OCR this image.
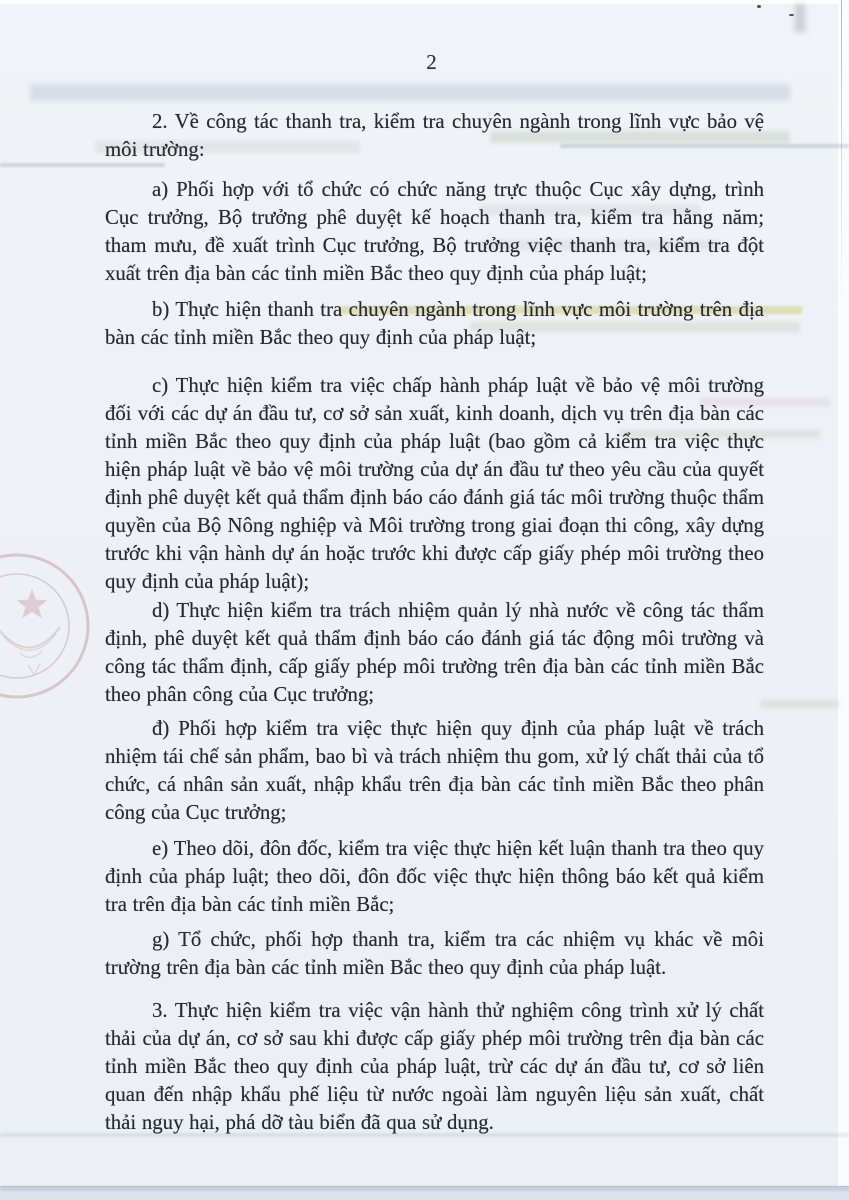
2

2. Về công tác thanh tra, kiểm tra chuyên ngành trong lĩnh vực bảo vệ môi trường:

a) Phối hợp với tổ chức có chức năng trực thuộc Cục xây dựng, trình Cục trưởng, Bộ trưởng phê duyệt kế hoạch thanh tra, kiểm tra hằng năm; tham mưu, đề xuất trình Cục trưởng, Bộ trưởng việc thanh tra, kiểm tra đột xuất trên địa bàn các tỉnh miền Bắc theo quy định của pháp luật;

b) Thực hiện thanh tra chuyên ngành trong lĩnh vực môi trường trên địa bàn các tỉnh miền Bắc theo quy định của pháp luật;

c) Thực hiện kiểm tra việc chấp hành pháp luật về bảo vệ môi trường đối với các dự án đầu tư, cơ sở sản xuất, kinh doanh, dịch vụ trên địa bàn các tỉnh miền Bắc theo quy định của pháp luật (bao gồm cả kiểm tra việc thực hiện pháp luật về bảo vệ môi trường của dự án đầu tư theo yêu cầu của quyết định phê duyệt kết quả thẩm định báo cáo đánh giá tác môi trường thuộc thẩm quyền của Bộ Nông nghiệp và Môi trường trong giai đoạn thi công, xây dựng trước khi vận hành dự án hoặc trước khi được cấp giấy phép môi trường theo quy định của pháp luật);

d) Thực hiện kiểm tra trách nhiệm quản lý nhà nước về công tác thẩm định, phê duyệt kết quả thẩm định báo cáo đánh giá tác động môi trường và công tác thẩm định, cấp giấy phép môi trường trên địa bàn các tỉnh miền Bắc theo phân công của Cục trưởng;

đ) Phối hợp kiểm tra việc thực hiện quy định của pháp luật về trách nhiệm tái chế sản phẩm, bao bì và trách nhiệm thu gom, xử lý chất thải của tổ chức, cá nhân sản xuất, nhập khẩu trên địa bàn các tỉnh miền Bắc theo phân công của Cục trưởng;

e) Theo dõi, đôn đốc, kiểm tra việc thực hiện kết luận thanh tra theo quy định của pháp luật; theo dõi, đôn đốc việc thực hiện thông báo kết quả kiểm tra trên địa bàn các tỉnh miền Bắc;

g) Tổ chức, phối hợp thanh tra, kiểm tra các nhiệm vụ khác về môi trường trên địa bàn các tỉnh miền Bắc theo quy định của pháp luật.

3. Thực hiện kiểm tra việc vận hành thử nghiệm công trình xử lý chất thải của dự án, cơ sở sau khi được cấp giấy phép môi trường trên địa bàn các tỉnh miền Bắc theo quy định của pháp luật, trừ các dự án đầu tư, cơ sở liên quan đến nhập khẩu phế liệu từ nước ngoài làm nguyên liệu sản xuất, chất thải nguy hại, phá dỡ tàu biển đã qua sử dụng.
